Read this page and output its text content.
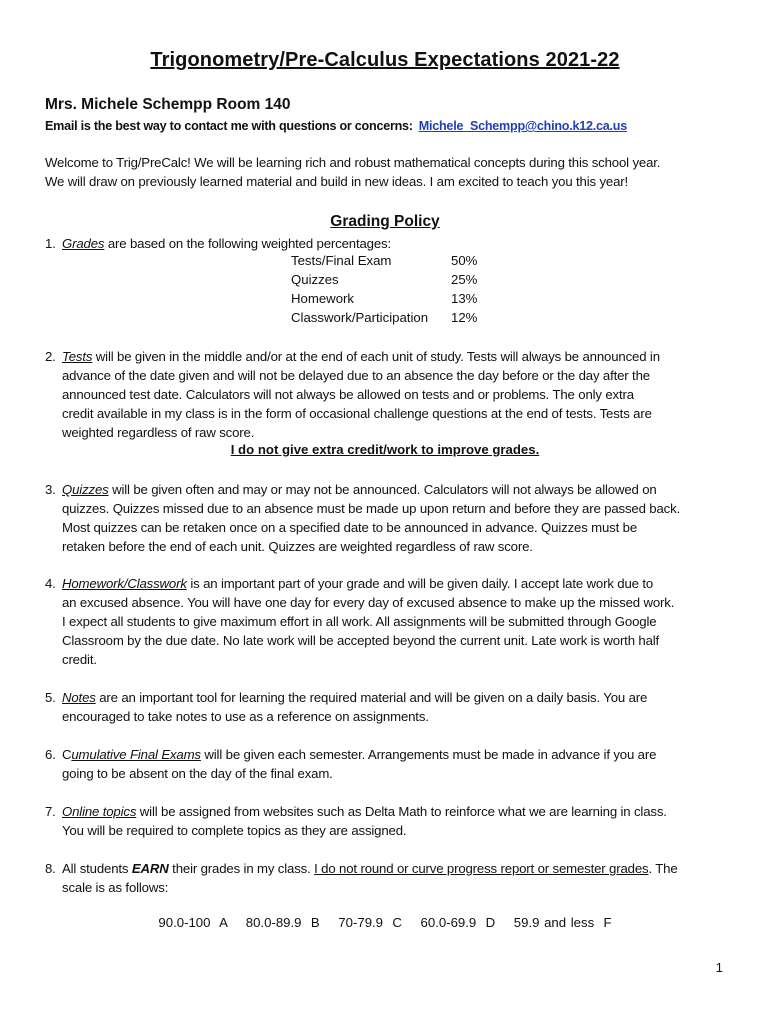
Trigonometry/Pre-Calculus Expectations 2021-22
Mrs. Michele Schempp Room 140
Email is the best way to contact me with questions or concerns: Michele_Schempp@chino.k12.ca.us
Welcome to Trig/PreCalc! We will be learning rich and robust mathematical concepts during this school year.
We will draw on previously learned material and build in new ideas. I am excited to teach you this year!
Grading Policy
1. Grades are based on the following weighted percentages:
Tests/Final Exam	50%
Quizzes	25%
Homework	13%
Classwork/Participation 12%
2. Tests will be given in the middle and/or at the end of each unit of study. Tests will always be announced in
advance of the date given and will not be delayed due to an absence the day before or the day after the
announced test date. Calculators will not always be allowed on tests and or problems. The only extra
credit available in my class is in the form of occasional challenge questions at the end of tests. Tests are
weighted regardless of raw score.
I do not give extra credit/work to improve grades.
3. Quizzes will be given often and may or may not be announced. Calculators will not always be allowed on
quizzes. Quizzes missed due to an absence must be made up upon return and before they are passed back.
Most quizzes can be retaken once on a specified date to be announced in advance. Quizzes must be
retaken before the end of each unit. Quizzes are weighted regardless of raw score.
4. Homework/Classwork is an important part of your grade and will be given daily. I accept late work due to
an excused absence. You will have one day for every day of excused absence to make up the missed work.
I expect all students to give maximum effort in all work. All assignments will be submitted through Google
Classroom by the due date. No late work will be accepted beyond the current unit. Late work is worth half
credit.
5. Notes are an important tool for learning the required material and will be given on a daily basis. You are
encouraged to take notes to use as a reference on assignments.
6. Cumulative Final Exams will be given each semester. Arrangements must be made in advance if you are
going to be absent on the day of the final exam.
7. Online topics will be assigned from websites such as Delta Math to reinforce what we are learning in class.
You will be required to complete topics as they are assigned.
8. All students EARN their grades in my class. I do not round or curve progress report or semester grades. The
scale is as follows:
90.0-100  A    80.0-89.9  B    70-79.9  C    60.0-69.9  D    59.9 and less  F
1
